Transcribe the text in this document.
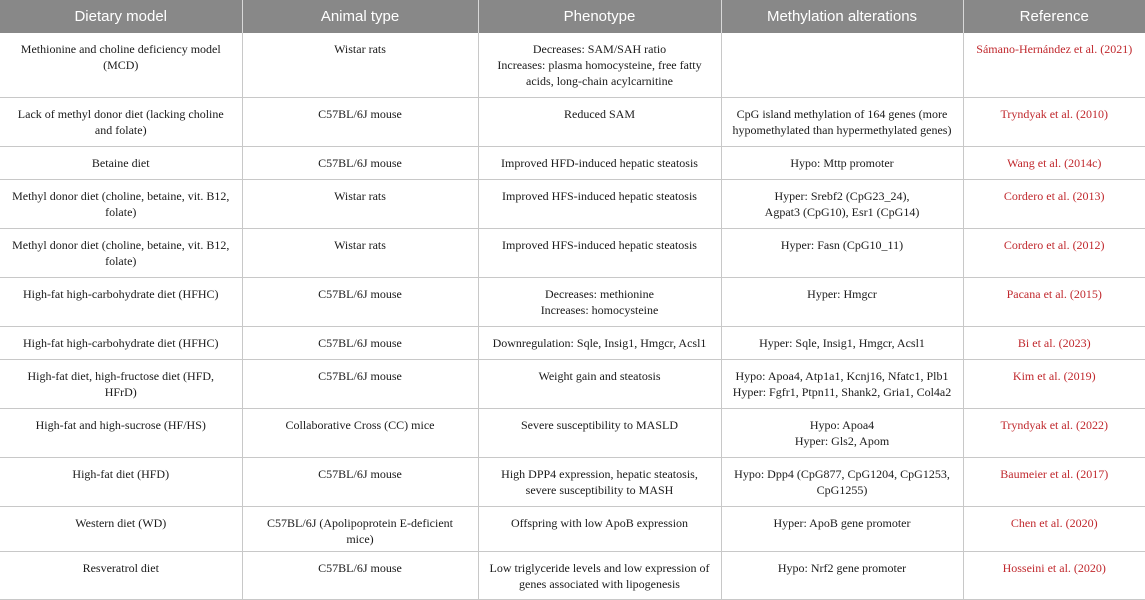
Dietary model	Animal type	Phenotype	Methylation alterations	Reference

Methionine and choline deficiency model
(MCD)	Wistar rats	Decreases: SAM/SAH ratio
Increases: plasma homocysteine, free fatty
acids, long-chain acylcarnitine		Sámano-Hernández et al. (2021)

Lack of methyl donor diet (lacking choline
and folate)	C57BL/6J mouse	Reduced SAM	CpG island methylation of 164 genes (more
hypomethylated than hypermethylated genes)	Tryndyak et al. (2010)

Betaine diet	C57BL/6J mouse	Improved HFD-induced hepatic steatosis	Hypo: Mttp promoter	Wang et al. (2014c)

Methyl donor diet (choline, betaine, vit. B12,
folate)	Wistar rats	Improved HFS-induced hepatic steatosis	Hyper: Srebf2 (CpG23_24),
Agpat3 (CpG10), Esr1 (CpG14)	Cordero et al. (2013)

Methyl donor diet (choline, betaine, vit. B12,
folate)	Wistar rats	Improved HFS-induced hepatic steatosis	Hyper: Fasn (CpG10_11)	Cordero et al. (2012)

High-fat high-carbohydrate diet (HFHC)	C57BL/6J mouse	Decreases: methionine
Increases: homocysteine	Hyper: Hmgcr	Pacana et al. (2015)

High-fat high-carbohydrate diet (HFHC)	C57BL/6J mouse	Downregulation: Sqle, Insig1, Hmgcr, Acsl1	Hyper: Sqle, Insig1, Hmgcr, Acsl1	Bi et al. (2023)

High-fat diet, high-fructose diet (HFD,
HFrD)	C57BL/6J mouse	Weight gain and steatosis	Hypo: Apoa4, Atp1a1, Kcnj16, Nfatc1, Plb1
Hyper: Fgfr1, Ptpn11, Shank2, Gria1, Col4a2	Kim et al. (2019)

High-fat and high-sucrose (HF/HS)	Collaborative Cross (CC) mice	Severe susceptibility to MASLD	Hypo: Apoa4
Hyper: Gls2, Apom	Tryndyak et al. (2022)

High-fat diet (HFD)	C57BL/6J mouse	High DPP4 expression, hepatic steatosis,
severe susceptibility to MASH	Hypo: Dpp4 (CpG877, CpG1204, CpG1253,
CpG1255)	Baumeier et al. (2017)

Western diet (WD)	C57BL/6J (Apolipoprotein E-deficient mice)	Offspring with low ApoB expression	Hyper: ApoB gene promoter	Chen et al. (2020)

Resveratrol diet	C57BL/6J mouse	Low triglyceride levels and low expression of
genes associated with lipogenesis	Hypo: Nrf2 gene promoter	Hosseini et al. (2020)
